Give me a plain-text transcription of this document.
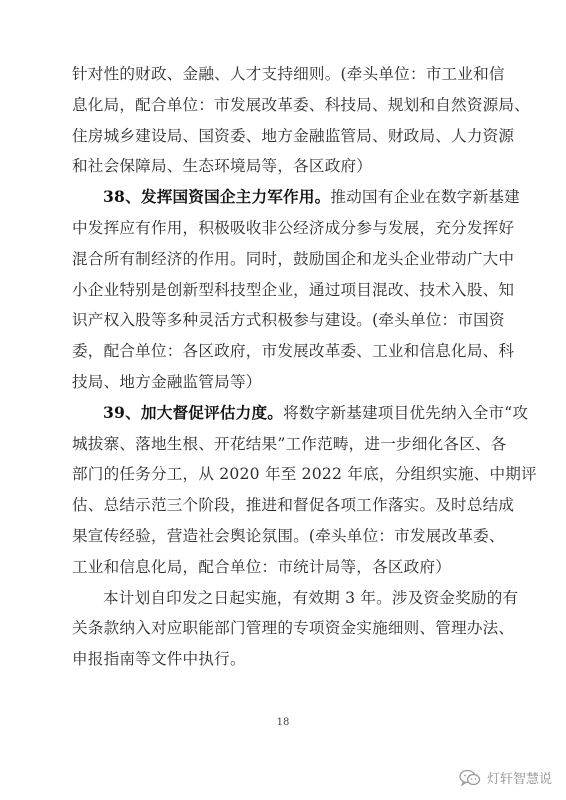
针对性的财政、金融、人才支持细则。(牵头单位：市工业和信
息化局，配合单位：市发展改革委、科技局、规划和自然资源局、
住房城乡建设局、国资委、地方金融监管局、财政局、人力资源
和社会保障局、生态环境局等，各区政府）
38、发挥国资国企主力军作用。推动国有企业在数字新基建
中发挥应有作用，积极吸收非公经济成分参与发展，充分发挥好
混合所有制经济的作用。同时，鼓励国企和龙头企业带动广大中
小企业特别是创新型科技型企业，通过项目混改、技术入股、知
识产权入股等多种灵活方式积极参与建设。(牵头单位：市国资
委，配合单位：各区政府，市发展改革委、工业和信息化局、科
技局、地方金融监管局等）
39、加大督促评估力度。将数字新基建项目优先纳入全市“攻
城拔寨、落地生根、开花结果”工作范畴，进一步细化各区、各
部门的任务分工，从 2020 年至 2022 年底，分组织实施、中期评
估、总结示范三个阶段，推进和督促各项工作落实。及时总结成
果宣传经验，营造社会舆论氛围。(牵头单位：市发展改革委、
工业和信息化局，配合单位：市统计局等，各区政府）
本计划自印发之日起实施，有效期 3 年。涉及资金奖励的有
关条款纳入对应职能部门管理的专项资金实施细则、管理办法、
申报指南等文件中执行。
18
灯轩智慧说
